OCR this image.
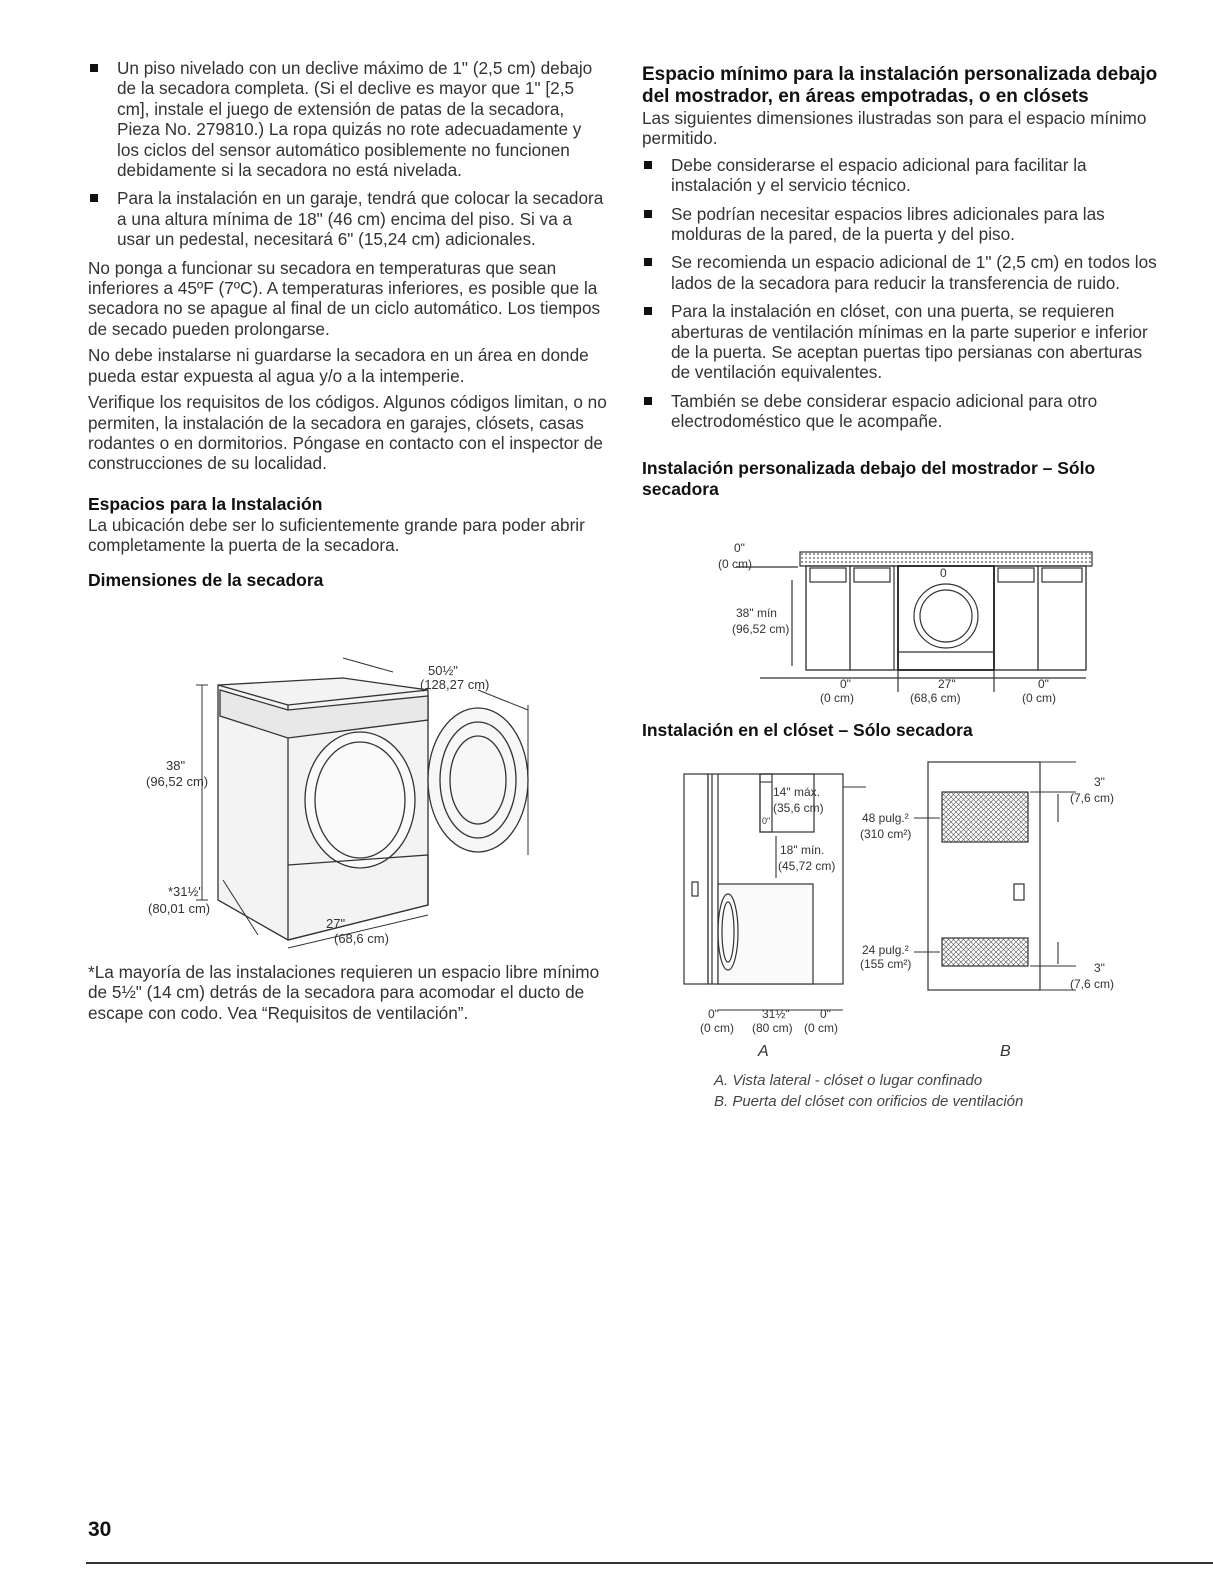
Un piso nivelado con un declive máximo de 1" (2,5 cm) debajo de la secadora completa. (Si el declive es mayor que 1" [2,5 cm], instale el juego de extensión de patas de la secadora, Pieza No. 279810.) La ropa quizás no rote adecuadamente y los ciclos del sensor automático posiblemente no funcionen debidamente si la secadora no está nivelada.
Para la instalación en un garaje, tendrá que colocar la secadora a una altura mínima de 18" (46 cm) encima del piso. Si va a usar un pedestal, necesitará 6" (15,24 cm) adicionales.

No ponga a funcionar su secadora en temperaturas que sean inferiores a 45ºF (7ºC). A temperaturas inferiores, es posible que la secadora no se apague al final de un ciclo automático. Los tiempos de secado pueden prolongarse.

No debe instalarse ni guardarse la secadora en un área en donde pueda estar expuesta al agua y/o a la intemperie.

Verifique los requisitos de los códigos. Algunos códigos limitan, o no permiten, la instalación de la secadora en garajes, clósets, casas rodantes o en dormitorios. Póngase en contacto con el inspector de construcciones de su localidad.

Espacios para la Instalación

La ubicación debe ser lo suficientemente grande para poder abrir completamente la puerta de la secadora.

Dimensiones de la secadora
50½"
(128,27 cm)
38"
(96,52 cm)
*31½"
(80,01 cm)
27"
(68,6 cm)

*La mayoría de las instalaciones requieren un espacio libre mínimo de 5½" (14 cm) detrás de la secadora para acomodar el ducto de escape con codo. Vea “Requisitos de ventilación”.

Espacio mínimo para la instalación personalizada debajo del mostrador, en áreas empotradas, o en clósets

Las siguientes dimensiones ilustradas son para el espacio mínimo permitido.

Debe considerarse el espacio adicional para facilitar la instalación y el servicio técnico.
Se podrían necesitar espacios libres adicionales para las molduras de la pared, de la puerta y del piso.
Se recomienda un espacio adicional de 1" (2,5 cm) en todos los lados de la secadora para reducir la transferencia de ruido.
Para la instalación en clóset, con una puerta, se requieren aberturas de ventilación mínimas en la parte superior e inferior de la puerta. Se aceptan puertas tipo persianas con aberturas de ventilación equivalentes.
También se debe considerar espacio adicional para otro electrodoméstico que le acompañe.
Instalación personalizada debajo del mostrador – Sólo secadora
0
0"
(0 cm)
38" mín
(96,52 cm)
0"
(0 cm)
27"
(68,6 cm)
0"
(0 cm)
Instalación en el clóset – Sólo secadora
14" máx.
(35,6 cm)
0"
18" mín.
(45,72 cm)
0"	31½"	0"
(0 cm) (80 cm) (0 cm)
A
48 pulg.²
(310 cm²)
24 pulg.²
(155 cm²)
3"
(7,6 cm)
3"
(7,6 cm)
B

A. Vista lateral - clóset o lugar confinado

B. Puerta del clóset con orificios de ventilación

30
